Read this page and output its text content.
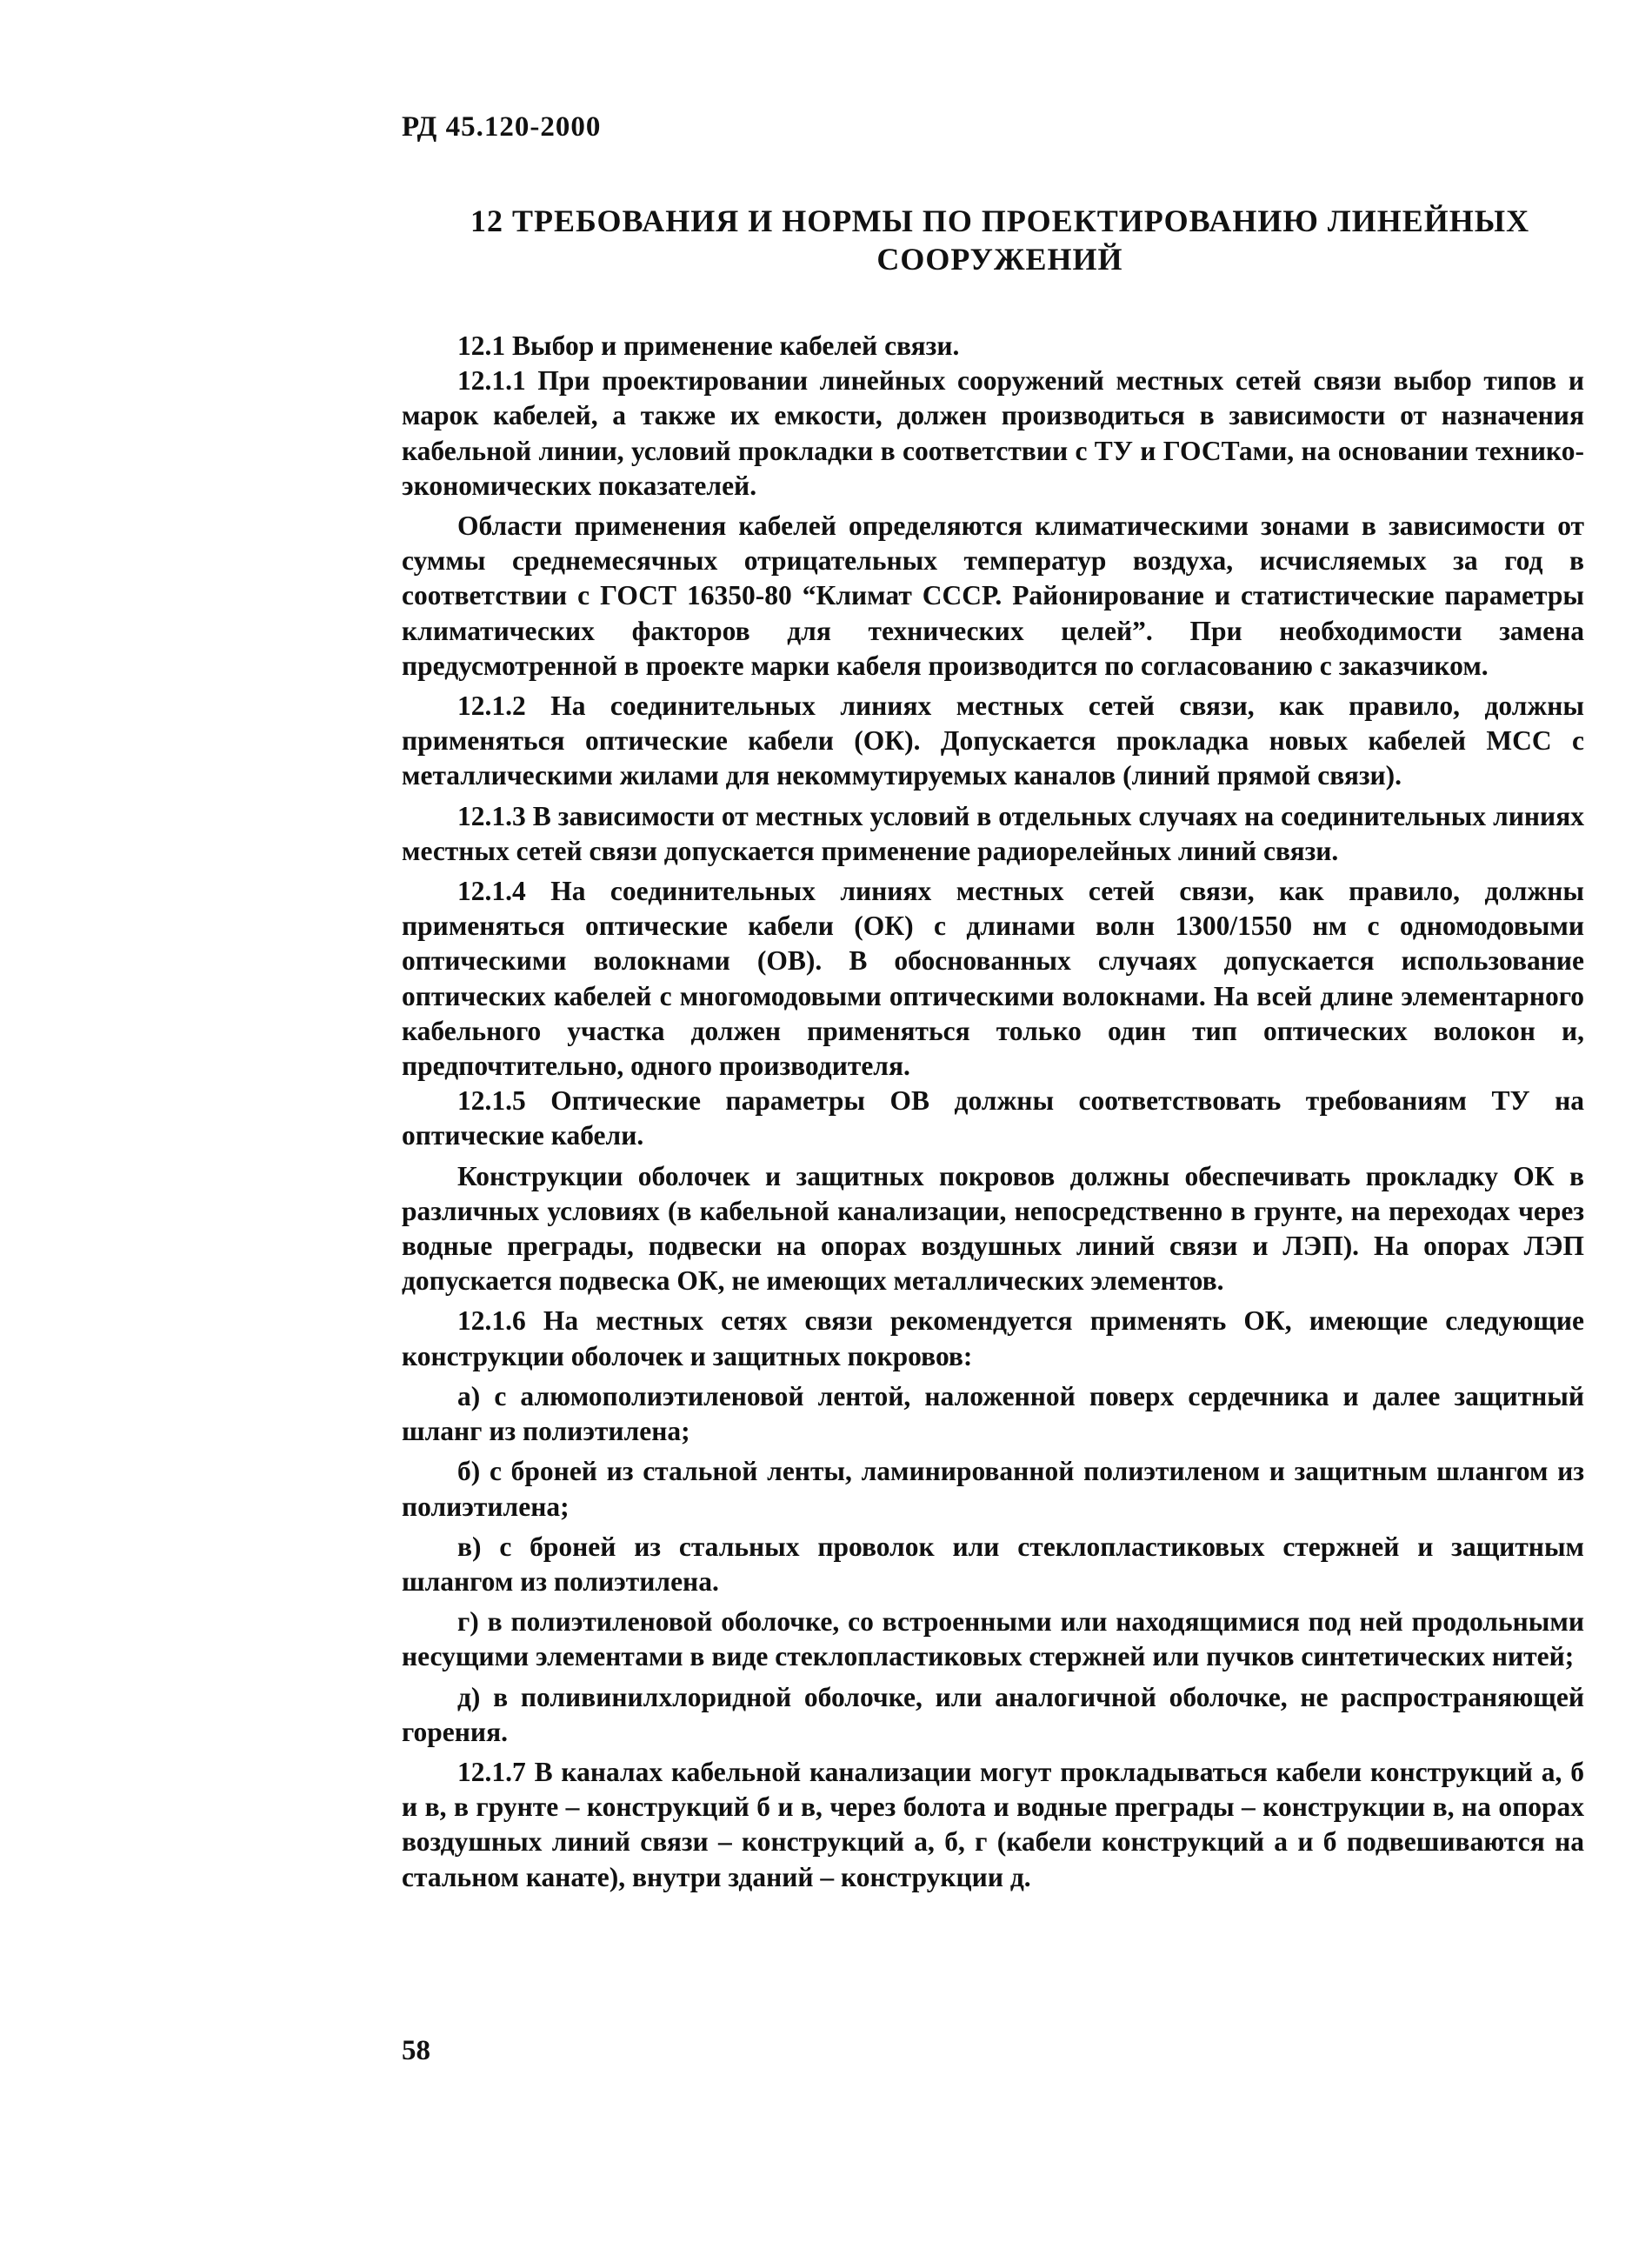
РД 45.120-2000
12 ТРЕБОВАНИЯ И НОРМЫ ПО ПРОЕКТИРОВАНИЮ ЛИНЕЙНЫХ
СООРУЖЕНИЙ

12.1 Выбор и применение кабелей связи.

12.1.1 При проектировании линейных сооружений местных сетей связи выбор типов и марок кабелей, а также их емкости, должен производиться в зависимости от назначения кабельной линии, условий прокладки в соответствии с ТУ и ГОСТами, на основании технико-экономических показателей.

Области применения кабелей определяются климатическими зонами в зависимости от суммы среднемесячных отрицательных температур воздуха, исчисляемых за год в соответствии с ГОСТ 16350-80 “Климат СССР. Районирование и статистические параметры климатических факторов для технических целей”. При необходимости замена предусмотренной в проекте марки кабеля производится по согласованию с заказчиком.

12.1.2 На соединительных линиях местных сетей связи, как правило, должны применяться оптические кабели (ОК). Допускается прокладка новых кабелей МСС с металлическими жилами для некоммутируемых каналов (линий прямой связи).

12.1.3 В зависимости от местных условий в отдельных случаях на соединительных линиях местных сетей связи допускается применение радиорелейных линий связи.

12.1.4 На соединительных линиях местных сетей связи, как правило, должны применяться оптические кабели (ОК) с длинами волн 1300/1550 нм с одномодовыми оптическими волокнами (ОВ). В обоснованных случаях допускается использование оптических кабелей с многомодовыми оптическими волокнами. На всей длине элементарного кабельного участка должен применяться только один тип оптических волокон и, предпочтительно, одного производителя.

12.1.5 Оптические параметры ОВ должны соответствовать требованиям ТУ на оптические кабели.

Конструкции оболочек и защитных покровов должны обеспечивать прокладку ОК в различных условиях (в кабельной канализации, непосредственно в грунте, на переходах через водные преграды, подвески на опорах воздушных линий связи и ЛЭП). На опорах ЛЭП допускается подвеска ОК, не имеющих металлических элементов.

12.1.6 На местных сетях связи рекомендуется применять ОК, имеющие следующие конструкции оболочек и защитных покровов:

а) с алюмополиэтиленовой лентой, наложенной поверх сердечника и далее защитный шланг из полиэтилена;

б) с броней из стальной ленты, ламинированной полиэтиленом и защитным шлангом из полиэтилена;

в) с броней из стальных проволок или стеклопластиковых стержней и защитным шлангом из полиэтилена.

г) в полиэтиленовой оболочке, со встроенными или находящимися под ней продольными несущими элементами в виде стеклопластиковых стержней или пучков синтетических нитей;

д) в поливинилхлоридной оболочке, или аналогичной оболочке, не распространяющей горения.

12.1.7 В каналах кабельной канализации могут прокладываться кабели конструкций а, б и в, в грунте – конструкций б и в, через болота и водные преграды – конструкции в, на опорах воздушных линий связи – конструкций а, б, г (кабели конструкций а и б подвешиваются на стальном канате), внутри зданий – конструкции д.

58
